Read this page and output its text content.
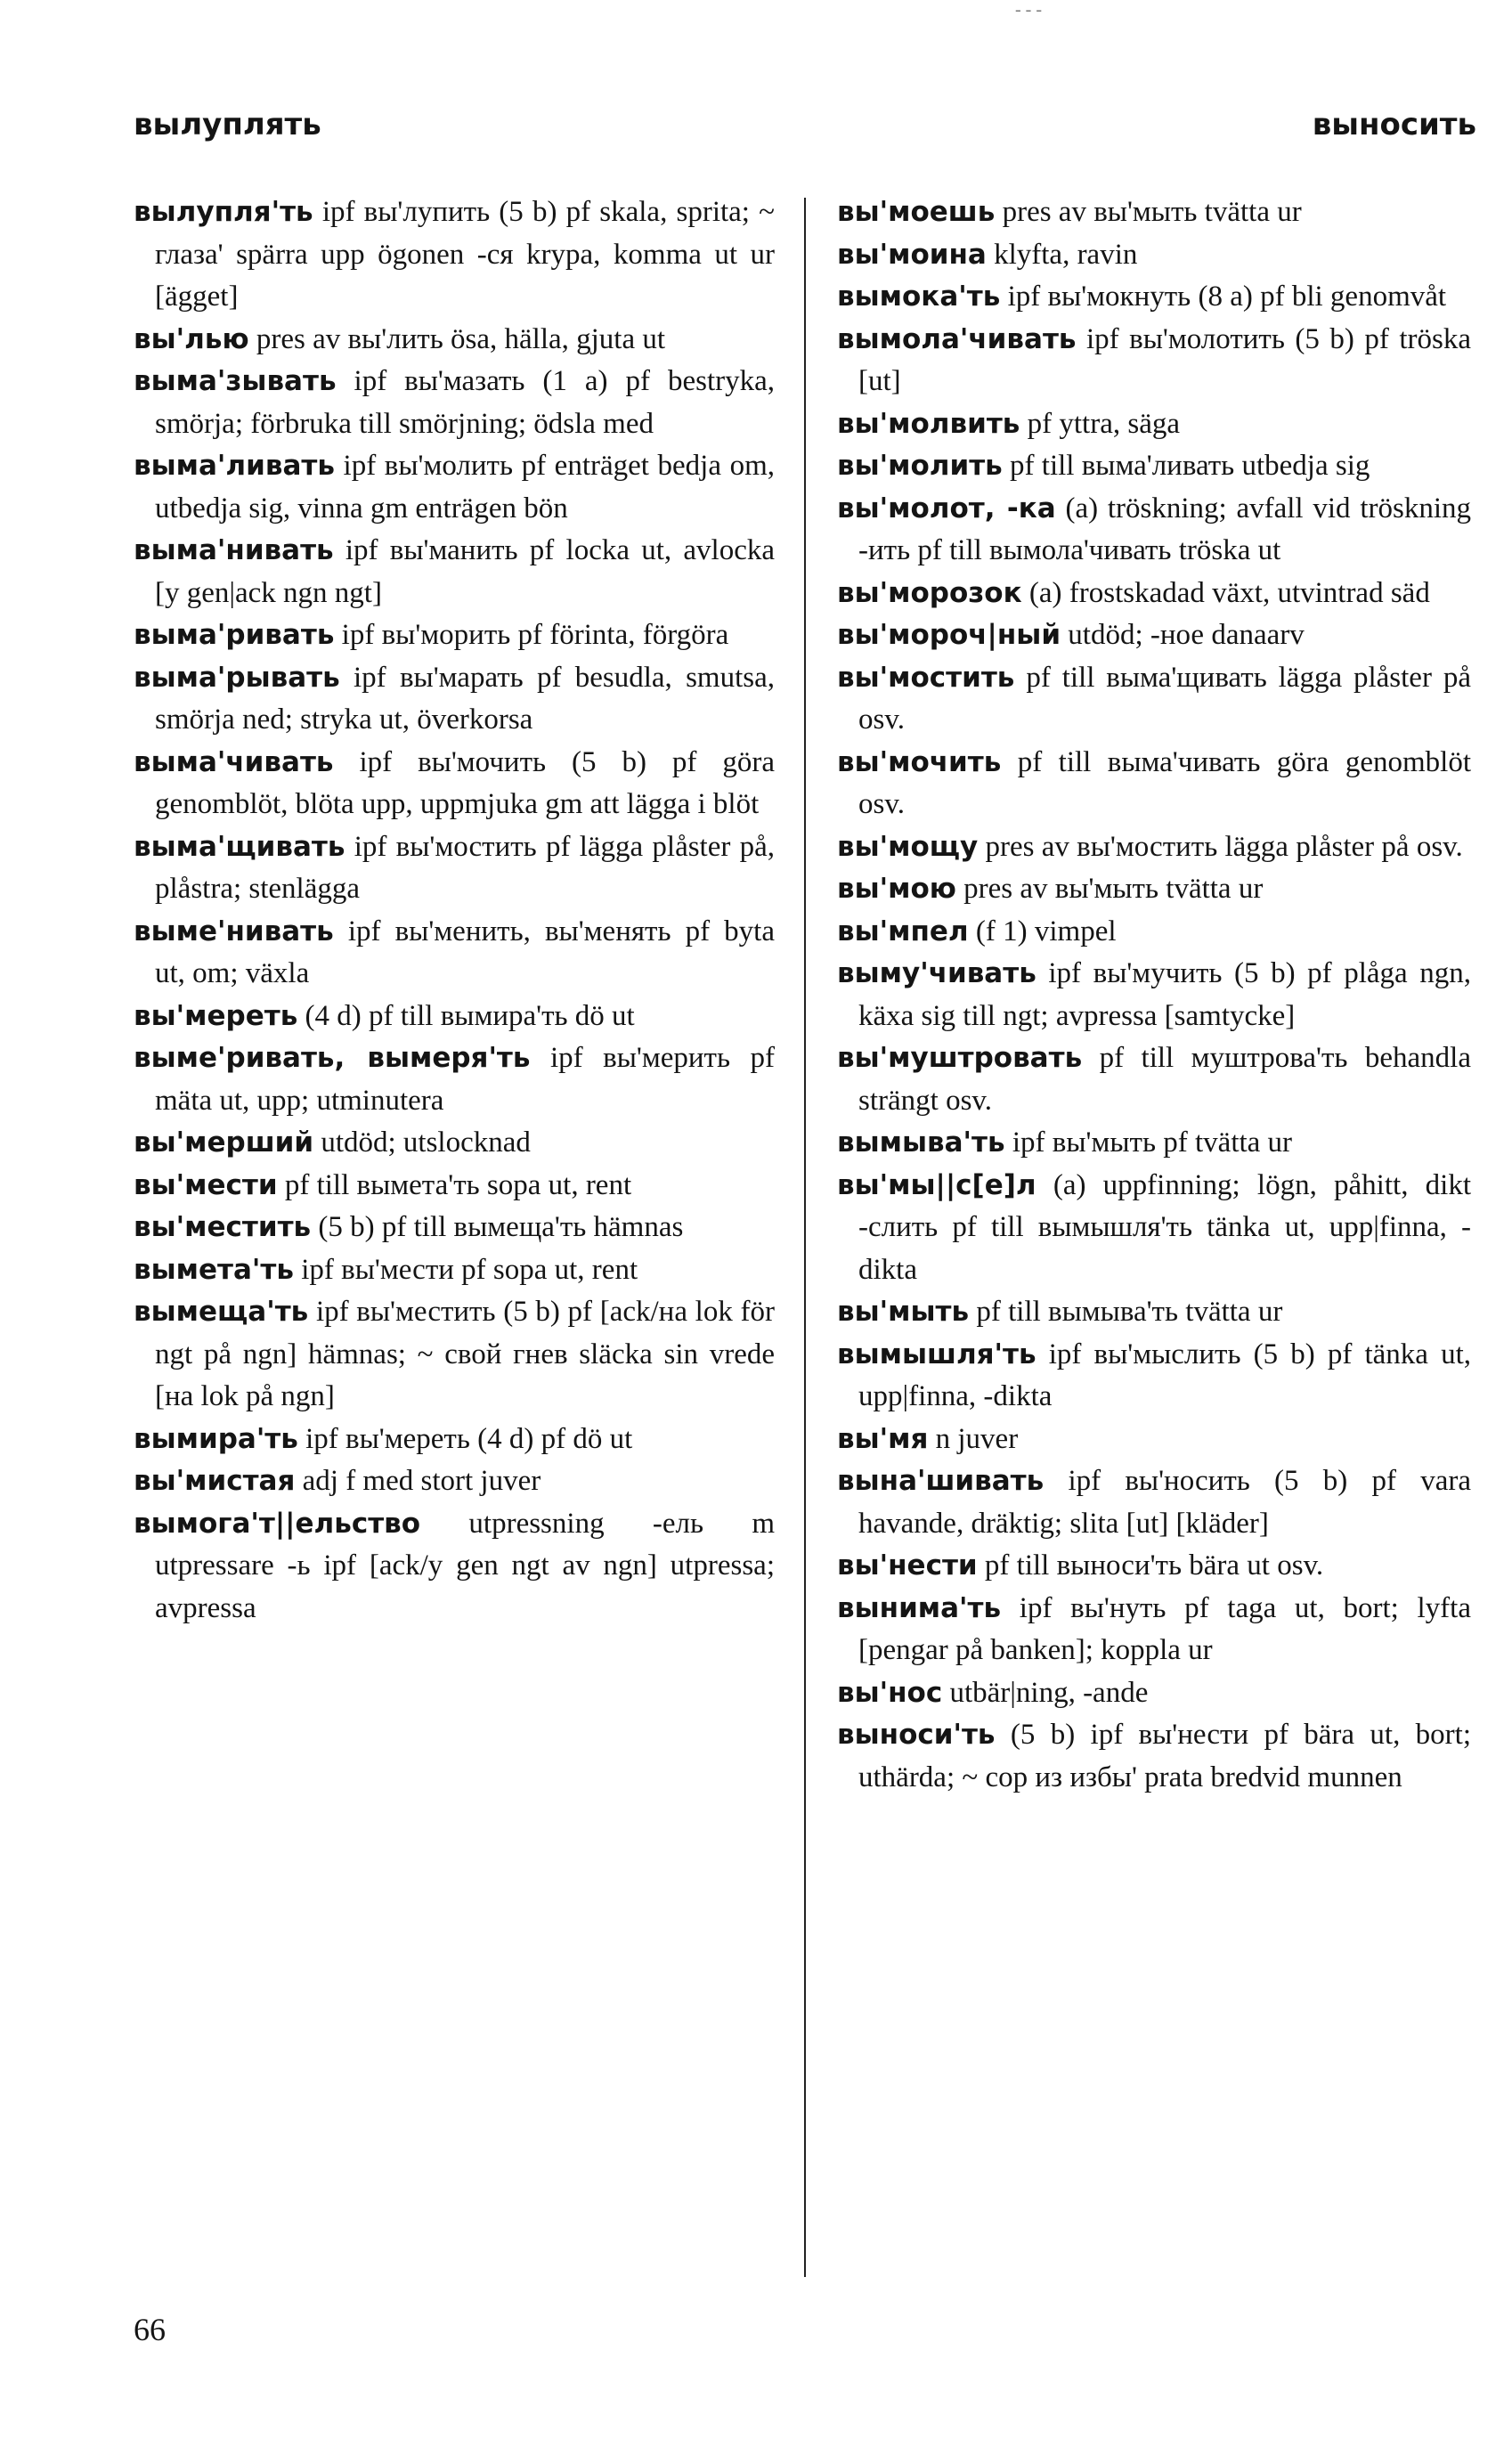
- - -
вылуплять	выносить
вылупля'ть ipf вы'лупить (5 b) pf skala, sprita; ~ глаза' spärra upp ögonen -ся krypa, komma ut ur [ägget]
вы'лью pres av вы'лить ösa, hälla, gjuta ut
вымa'зывать ipf вы'мазать (1 a) pf bestryka, smörja; förbruka till smörjning; ödsla med
вымa'ливать ipf вы'молить pf enträget bedja om, utbedja sig, vinna gm enträgen bön
вымa'нивать ipf вы'манить pf locka ut, avlocka [y gen|ack ngn ngt]
вымa'ривать ipf вы'морить pf förinta, förgöra
вымa'рывать ipf вы'марать pf besudla, smutsa, smörja ned; stryka ut, överkorsa
вымa'чивать ipf вы'мочить (5 b) pf göra genomblöt, blöta upp, uppmjuka gm att lägga i blöt
вымa'щивать ipf вы'мостить pf lägga plåster på, plåstra; stenlägga
выме'нивать ipf вы'менить, вы'менять pf byta ut, om; växla
вы'мереть (4 d) pf till вымира'ть dö ut
выме'ривать, вымеря'ть ipf вы'мерить pf mäta ut, upp; utminutera
вы'мерший utdöd; utslocknad
вы'мести pf till вымета'ть sopa ut, rent
вы'местить (5 b) pf till вымеща'ть hämnas
вымета'ть ipf вы'мести pf sopa ut, rent
вымеща'ть ipf вы'местить (5 b) pf [ack/на lok för ngt på ngn] hämnas; ~ свой гнев släcka sin vrede [на lok på ngn]
вымира'ть ipf вы'мереть (4 d) pf dö ut
вы'мистая adj f med stort juver
вымога'т||ельство utpressning -ель m utpressare -ь ipf [ack/y gen ngt av ngn] utpressa; avpressa
вы'моешь pres av вы'мыть tvätta ur
вы'моина klyfta, ravin
вымока'ть ipf вы'мокнуть (8 a) pf bli genomvåt
вымола'чивать ipf вы'молотить (5 b) pf tröska [ut]
вы'молвить pf yttra, säga
вы'молить pf till выма'ливать utbedja sig
вы'молот, -ка (a) tröskning; avfall vid tröskning -ить pf till вымола'чивать tröska ut
вы'морозок (a) frostskadad växt, utvintrad säd
вы'мороч|ный utdöd; -ное danaarv
вы'мостить pf till выма'щивать lägga plåster på osv.
вы'мочить pf till выма'чивать göra genomblöt osv.
вы'мощу pres av вы'мостить lägga plåster på osv.
вы'мою pres av вы'мыть tvätta ur
вы'мпел (f 1) vimpel
выму'чивать ipf вы'мучить (5 b) pf plåga ngn, käxa sig till ngt; avpressa [samtycke]
вы'муштровать pf till муштрова'ть behandla strängt osv.
вымыва'ть ipf вы'мыть pf tvätta ur
вы'мы||с[е]л (a) uppfinning; lögn, påhitt, dikt -слить pf till вымышля'ть tänka ut, upp|finna, -dikta
вы'мыть pf till вымыва'ть tvätta ur
вымышля'ть ipf вы'мыслить (5 b) pf tänka ut, upp|finna, -dikta
вы'мя n juver
вына'шивать ipf вы'носить (5 b) pf vara havande, dräktig; slita [ut] [kläder]
вы'нести pf till выноси'ть bära ut osv.
вынима'ть ipf вы'нуть pf taga ut, bort; lyfta [pengar på banken]; koppla ur
вы'нос utbär|ning, -ande
выноси'ть (5 b) ipf вы'нести pf bära ut, bort; uthärda; ~ сор из избы' prata bredvid munnen
66
